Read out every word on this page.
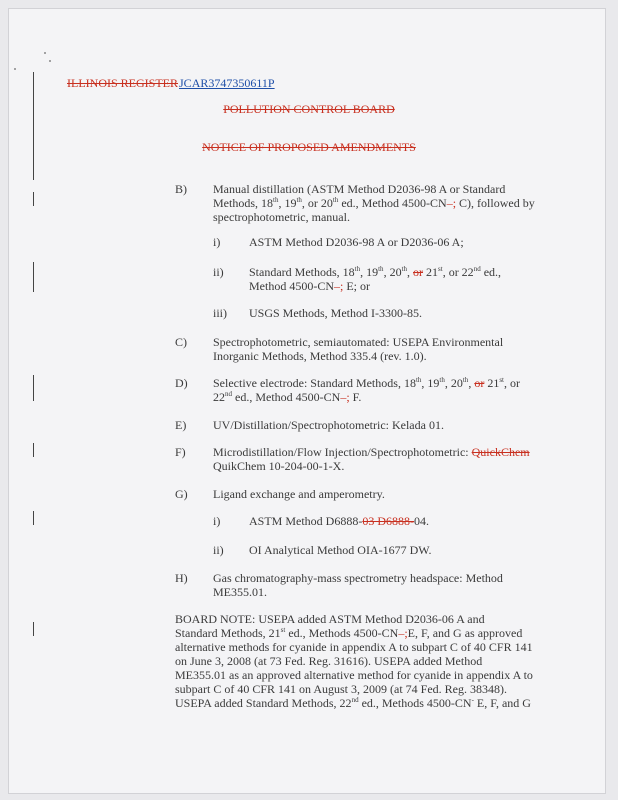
ILLINOIS REGISTER JCAR3747350611P
POLLUTION CONTROL BOARD
NOTICE OF PROPOSED AMENDMENTS
B) Manual distillation (ASTM Method D2036-98 A or Standard
Methods, 18th, 19th, or 20th ed., Method 4500-CN–; C), followed by
spectrophotometric, manual.
i) ASTM Method D2036-98 A or D2036-06 A;
ii) Standard Methods, 18th, 19th, 20th, or 21st, or 22nd ed.,
Method 4500-CN–; E; or
iii) USGS Methods, Method I-3300-85.
C) Spectrophotometric, semiautomated: USEPA Environmental
Inorganic Methods, Method 335.4 (rev. 1.0).
D) Selective electrode: Standard Methods, 18th, 19th, 20th, or 21st, or
22nd ed., Method 4500-CN–; F.
E) UV/Distillation/Spectrophotometric: Kelada 01.
F) Microdistillation/Flow Injection/Spectrophotometric: QuickChem
QuikChem 10-204-00-1-X.
G) Ligand exchange and amperometry.
i) ASTM Method D6888-03 D6888-04.
ii) OI Analytical Method OIA-1677 DW.
H) Gas chromatography-mass spectrometry headspace: Method
ME355.01.
BOARD NOTE: USEPA added ASTM Method D2036-06 A and
Standard Methods, 21st ed., Methods 4500-CN–;E, F, and G as approved
alternative methods for cyanide in appendix A to subpart C of 40 CFR 141
on June 3, 2008 (at 73 Fed. Reg. 31616). USEPA added Method
ME355.01 as an approved alternative method for cyanide in appendix A to
subpart C of 40 CFR 141 on August 3, 2009 (at 74 Fed. Reg. 38348).
USEPA added Standard Methods, 22nd ed., Methods 4500-CN- E, F, and G
